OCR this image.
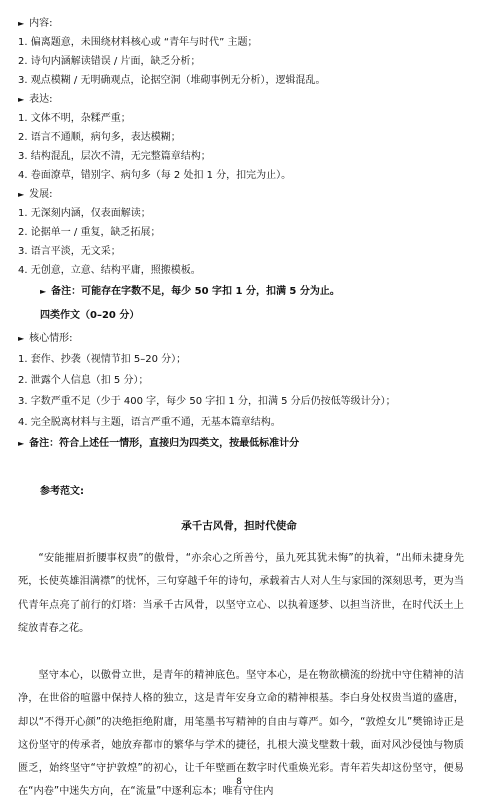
► 内容:
1. 偏离题意，未围绕材料核心或 “青年与时代” 主题；
2. 诗句内涵解读错误 / 片面，缺乏分析；
3. 观点模糊 / 无明确观点，论据空洞（堆砌事例无分析），逻辑混乱。
► 表达:
1. 文体不明，杂糅严重；
2. 语言不通顺，病句多，表达模糊；
3. 结构混乱，层次不清，无完整篇章结构；
4. 卷面潦草，错别字、病句多（每 2 处扣 1 分，扣完为止）。
► 发展:
1. 无深刻内涵，仅表面解读；
2. 论据单一 / 重复，缺乏拓展；
3. 语言平淡，无文采；
4. 无创意，立意、结构平庸，照搬模板。
► 备注：可能存在字数不足，每少 50 字扣 1 分，扣满 5 分为止。
四类作文（0–20 分）
► 核心情形:
1. 套作、抄袭（视情节扣 5–20 分）；
2. 泄露个人信息（扣 5 分）；
3. 字数严重不足（少于 400 字，每少 50 字扣 1 分，扣满 5 分后仍按低等级计分）；
4. 完全脱离材料与主题，语言严重不通，无基本篇章结构。
► 备注：符合上述任一情形，直接归为四类文，按最低标准计分
参考范文:
承千古风骨，担时代使命

“安能摧眉折腰事权贵”的傲骨，“亦余心之所善兮，虽九死其犹未悔”的执着，“出师未捷身先死，长使英雄泪满襟”的忧怀，三句穿越千年的诗句，承载着古人对人生与家国的深刻思考，更为当代青年点亮了前行的灯塔：当承千古风骨，以坚守立心、以执着逐梦、以担当济世，在时代沃土上绽放青春之花。

坚守本心，以傲骨立世，是青年的精神底色。坚守本心，是在物欲横流的纷扰中守住精神的洁净，在世俗的喧嚣中保持人格的独立，这是青年安身立命的精神根基。李白身处权贵当道的盛唐，却以“不得开心颜”的决绝拒绝附庸，用笔墨书写精神的自由与尊严。如今，“敦煌女儿”樊锦诗正是这份坚守的传承者，她放弃都市的繁华与学术的捷径，扎根大漠戈壁数十载，面对风沙侵蚀与物质匮乏，始终坚守“守护敦煌”的初心，让千年壁画在数字时代重焕光彩。青年若失却这份坚守，便易在“内卷”中迷失方向，在“流量”中逐利忘本；唯有守住内

8
